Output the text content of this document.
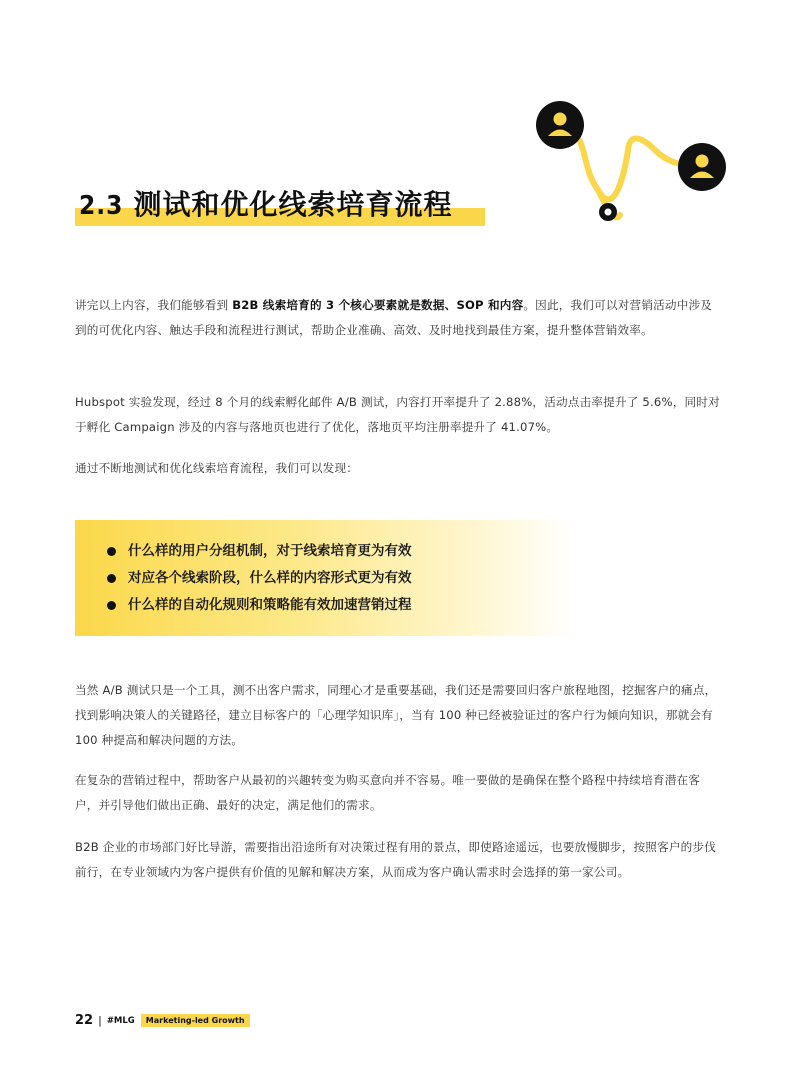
2.3 测试和优化线索培育流程

讲完以上内容，我们能够看到 B2B 线索培育的 3 个核心要素就是数据、SOP 和内容。因此，我们可以对营销活动中涉及到的可优化内容、触达手段和流程进行测试，帮助企业准确、高效、及时地找到最佳方案，提升整体营销效率。

Hubspot 实验发现，经过 8 个月的线索孵化邮件 A/B 测试，内容打开率提升了 2.88%，活动点击率提升了 5.6%，同时对于孵化 Campaign 涉及的内容与落地页也进行了优化，落地页平均注册率提升了 41.07%。

通过不断地测试和优化线索培育流程，我们可以发现：

什么样的用户分组机制，对于线索培育更为有效
对应各个线索阶段，什么样的内容形式更为有效
什么样的自动化规则和策略能有效加速营销过程

当然 A/B 测试只是一个工具，测不出客户需求，同理心才是重要基础，我们还是需要回归客户旅程地图，挖掘客户的痛点，找到影响决策人的关键路径，建立目标客户的「心理学知识库」，当有 100 种已经被验证过的客户行为倾向知识，那就会有 100 种提高和解决问题的方法。

在复杂的营销过程中，帮助客户从最初的兴趣转变为购买意向并不容易。唯一要做的是确保在整个路程中持续培育潜在客户，并引导他们做出正确、最好的决定，满足他们的需求。

B2B 企业的市场部门好比导游，需要指出沿途所有对决策过程有用的景点，即使路途遥远，也要放慢脚步，按照客户的步伐前行，在专业领域内为客户提供有价值的见解和解决方案，从而成为客户确认需求时会选择的第一家公司。

22 | #MLG	Marketing-led Growth
